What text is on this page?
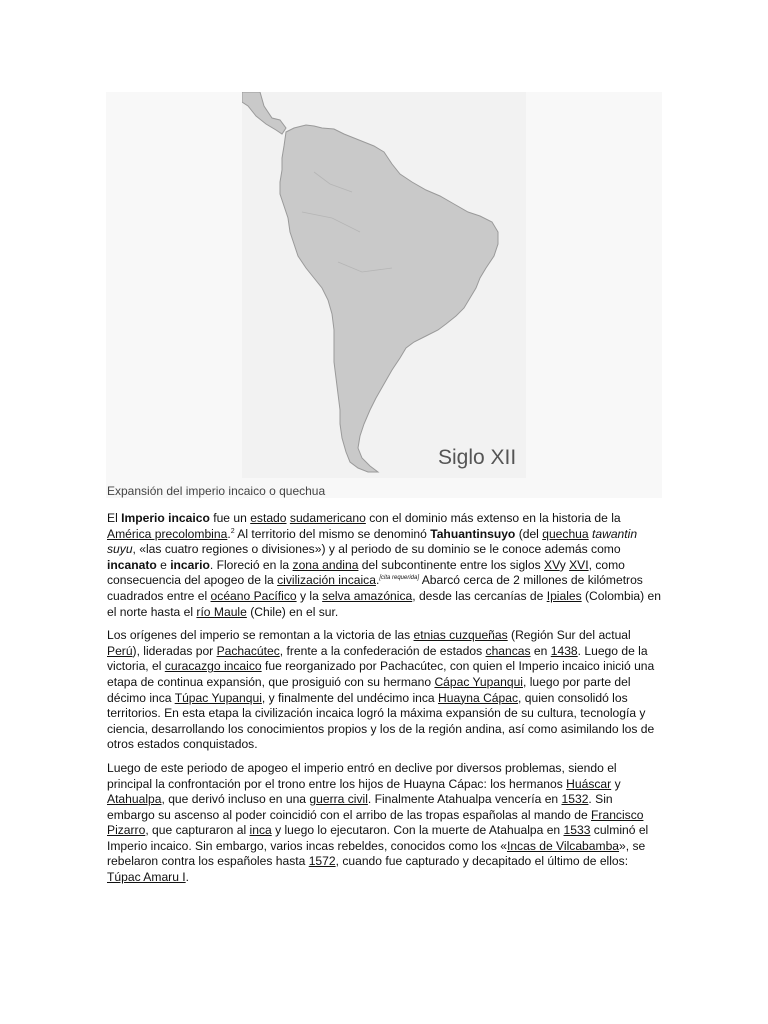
Siglo XII
Expansión del imperio incaico o quechua

El Imperio incaico fue un estado sudamericano con el dominio más extenso en la historia de la América precolombina.$^2$ Al territorio del mismo se denominó Tahuantinsuyo (del quechua tawantin suyu, «las cuatro regiones o divisiones») y al periodo de su dominio se le conoce además como incanato e incario. Floreció en la zona andina del subcontinente entre los siglos XVy XVI, como consecuencia del apogeo de la civilización incaica.[cita requerida] Abarcó cerca de 2 millones de kilómetros cuadrados entre el océano Pacífico y la selva amazónica, desde las cercanías de Ipiales (Colombia) en el norte hasta el río Maule (Chile) en el sur.

Los orígenes del imperio se remontan a la victoria de las etnias cuzqueñas (Región Sur del actual Perú), lideradas por Pachacútec, frente a la confederación de estados chancas en 1438. Luego de la victoria, el curacazgo incaico fue reorganizado por Pachacútec, con quien el Imperio incaico inició una etapa de continua expansión, que prosiguió con su hermano Cápac Yupanqui, luego por parte del décimo inca Túpac Yupanqui, y finalmente del undécimo inca Huayna Cápac, quien consolidó los territorios. En esta etapa la civilización incaica logró la máxima expansión de su cultura, tecnología y ciencia, desarrollando los conocimientos propios y los de la región andina, así como asimilando los de otros estados conquistados.

Luego de este periodo de apogeo el imperio entró en declive por diversos problemas, siendo el principal la confrontación por el trono entre los hijos de Huayna Cápac: los hermanos Huáscar y Atahualpa, que derivó incluso en una guerra civil. Finalmente Atahualpa vencería en 1532. Sin embargo su ascenso al poder coincidió con el arribo de las tropas españolas al mando de Francisco Pizarro, que capturaron al inca y luego lo ejecutaron. Con la muerte de Atahualpa en 1533 culminó el Imperio incaico. Sin embargo, varios incas rebeldes, conocidos como los «Incas de Vilcabamba», se rebelaron contra los españoles hasta 1572, cuando fue capturado y decapitado el último de ellos: Túpac Amaru I.
